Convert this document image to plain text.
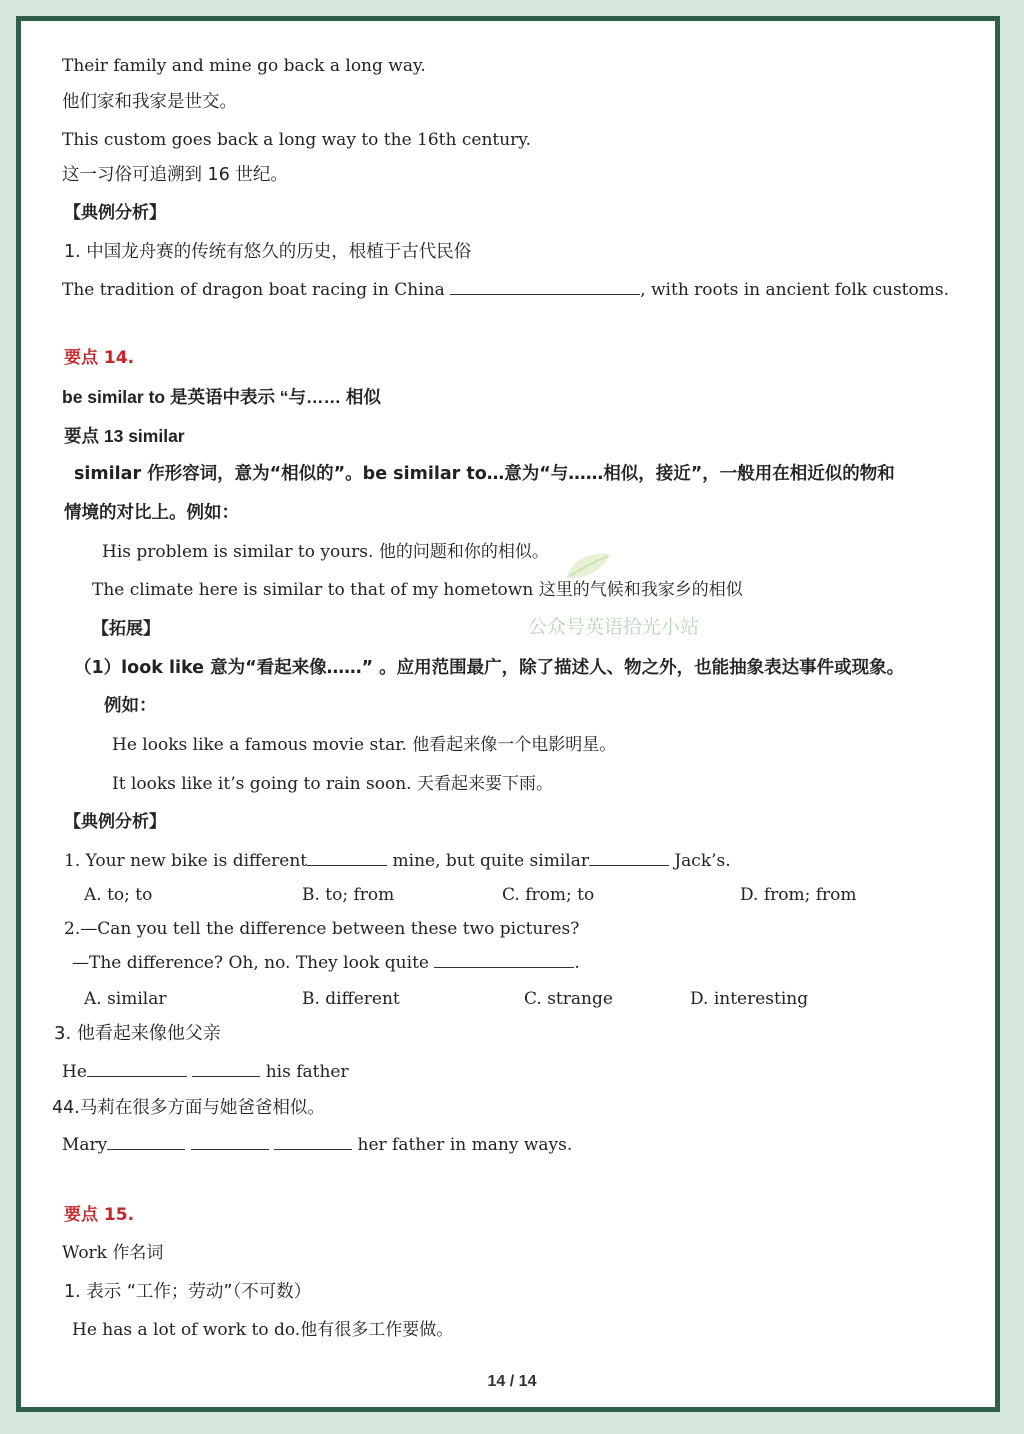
Their family and mine go back a long way.
他们家和我家是世交。
This custom goes back a long way to the 16th century.
这一习俗可追溯到 16 世纪。
【典例分析】
1. 中国龙舟赛的传统有悠久的历史，根植于古代民俗
The tradition of dragon boat racing in China	, with roots in ancient folk customs.
要点 14.
be similar to 是英语中表示 “与…… 相似
要点 13 similar
similar 作形容词，意为“相似的”。be similar to…意为“与……相似，接近”，一般用在相近似的物和
情境的对比上。例如：
His problem is similar to yours. 他的问题和你的相似。
The climate here is similar to that of my hometown 这里的气候和我家乡的相似
公众号英语拾光小站
【拓展】
（1）look like 意为“看起来像……” 。应用范围最广，除了描述人、物之外，也能抽象表达事件或现象。
例如：
He looks like a famous movie star. 他看起来像一个电影明星。
It looks like it’s going to rain soon. 天看起来要下雨。
【典例分析】
1. Your new bike is different	mine, but quite similar	Jack’s.
A. to; to	B. to; from	C. from; to	D. from; from
2.—Can you tell the difference between these two pictures?
—The difference? Oh, no. They look quite	.
A. similar	B. different	C. strange	D. interesting
3. 他看起来像他父亲
He	his father
44.马莉在很多方面与她爸爸相似。
Mary	her father in many ways.
要点 15.
Work 作名词
1. 表示 “工作；劳动”（不可数）
He has a lot of work to do.他有很多工作要做。
14 / 14
